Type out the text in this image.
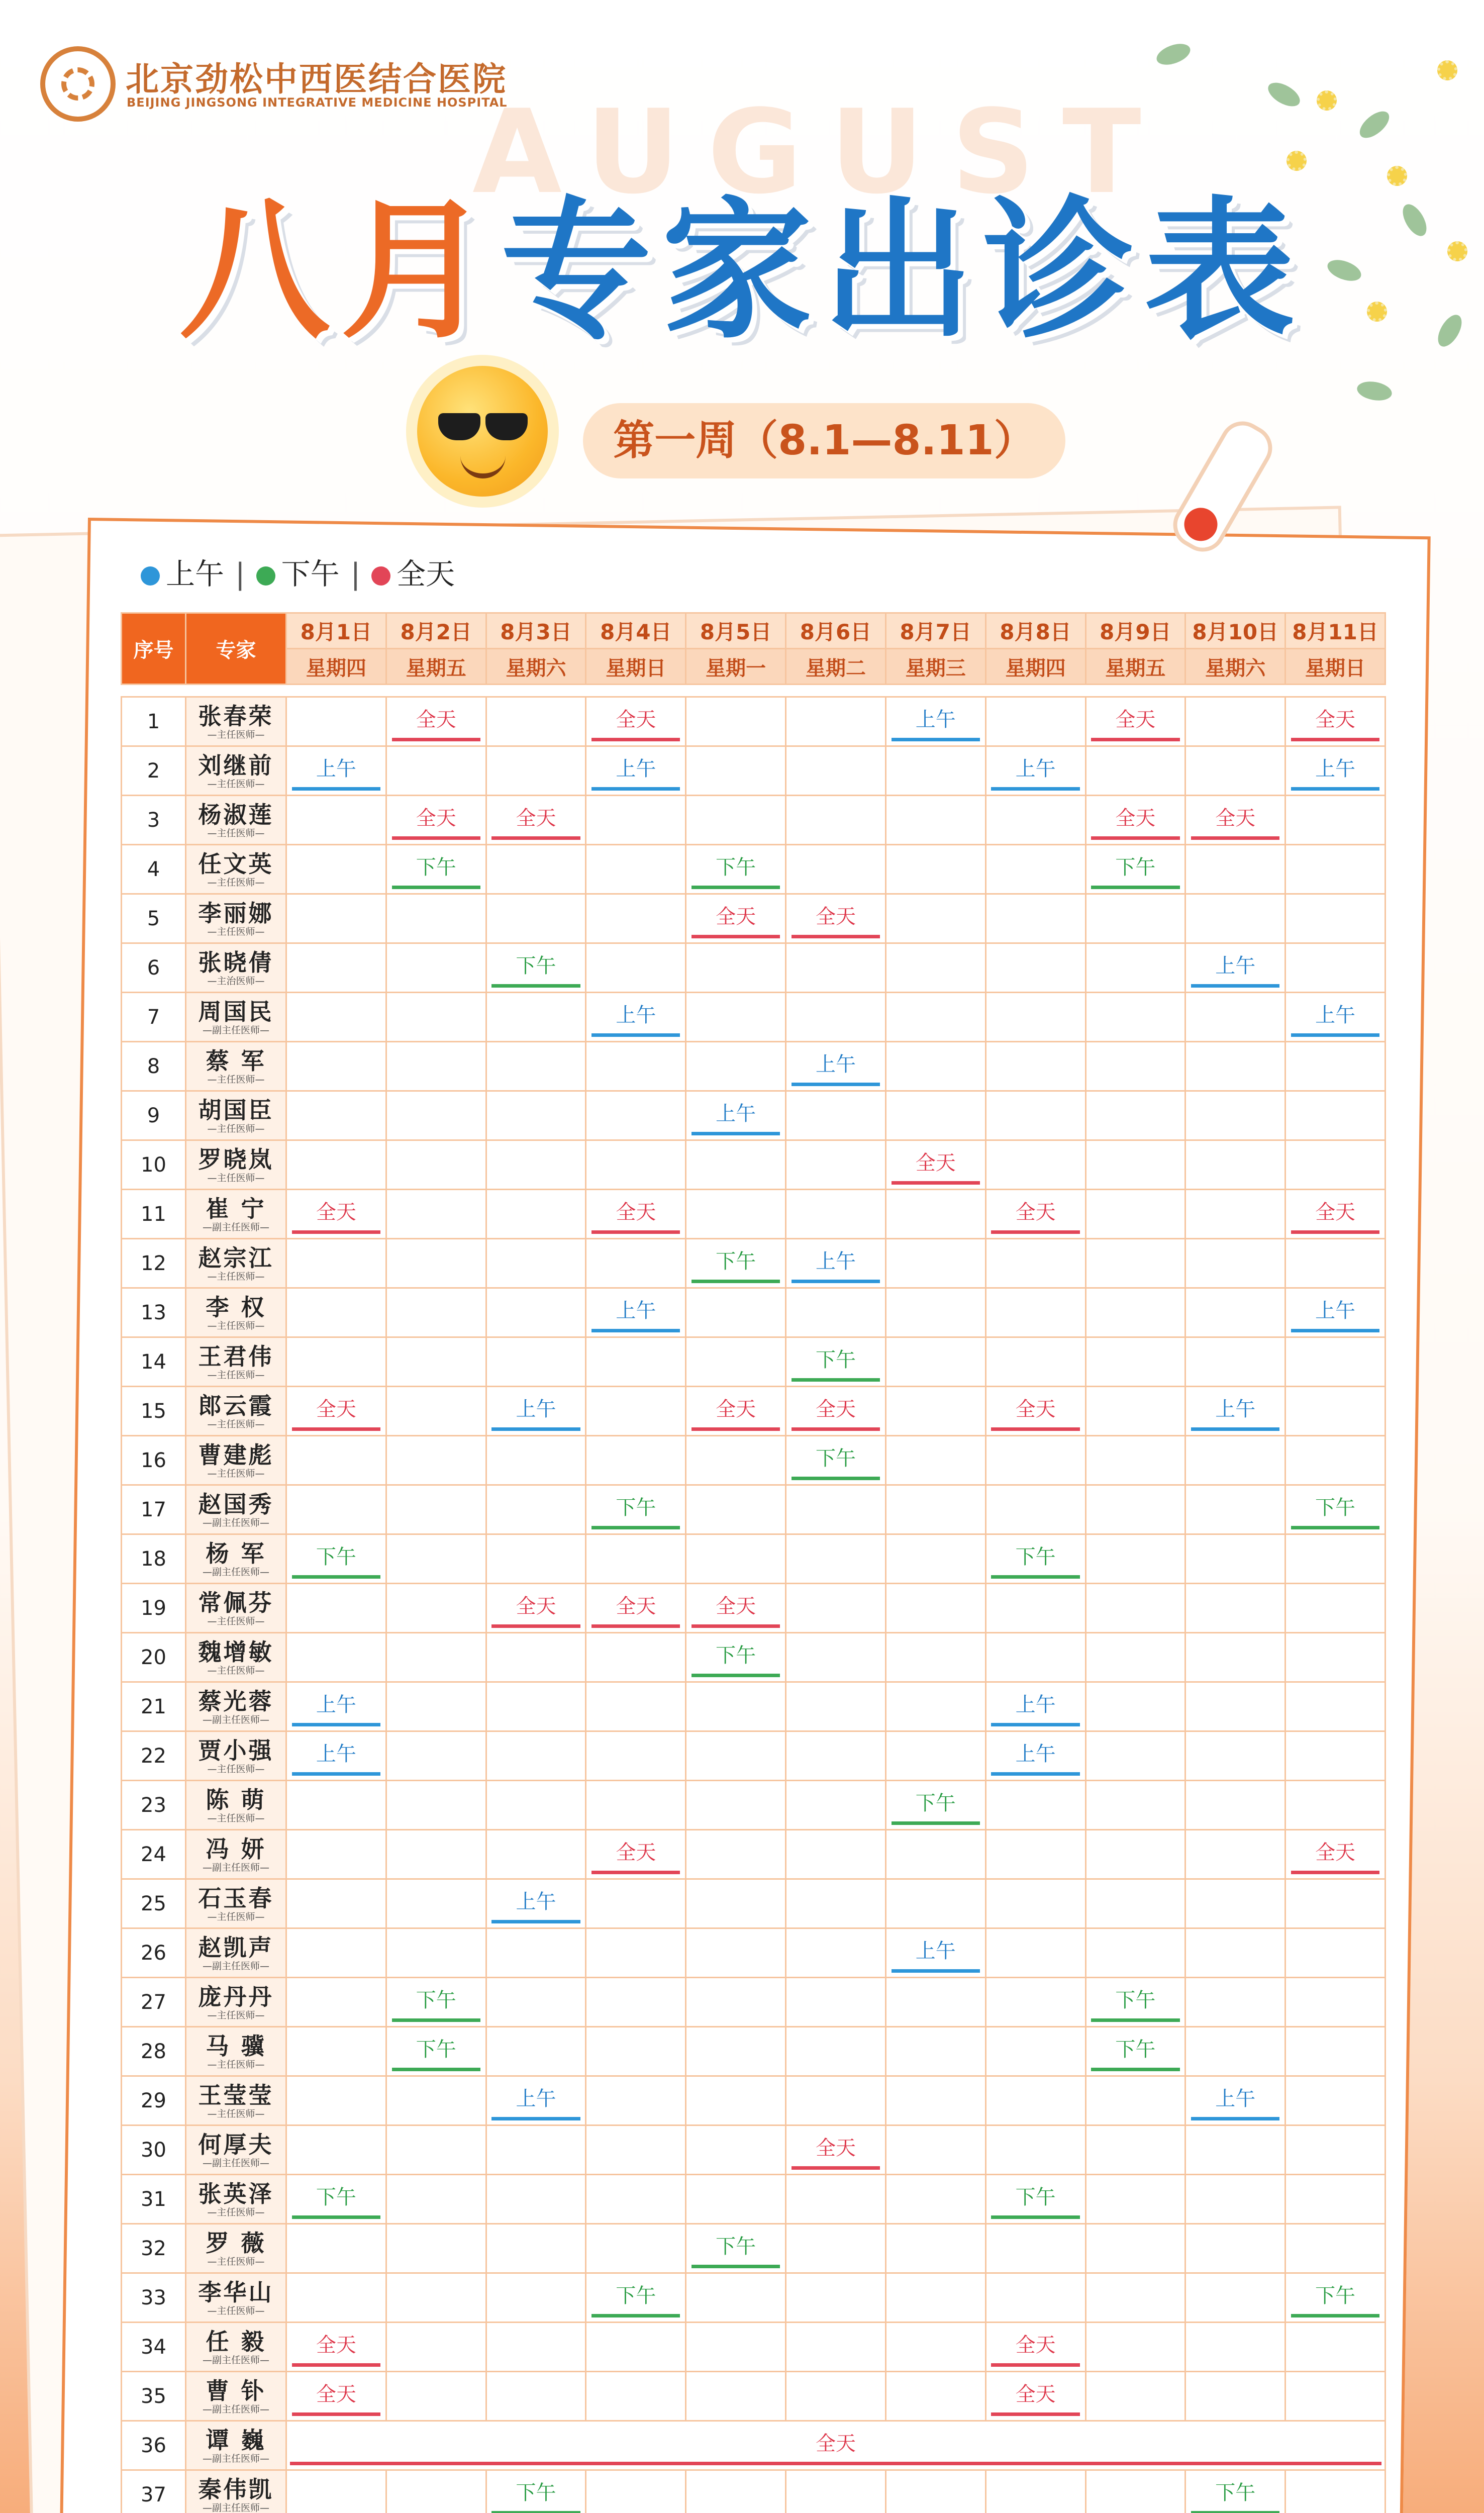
北京劲松中西医结合医院
BEIJING JINGSONG INTEGRATIVE MEDICINE HOSPITAL
AUGUST
八月专家出诊表
第一周（8.1—8.11）
上午 | 下午 | 全天
序号	专家	8月1日	8月2日	8月3日	8月4日	8月5日	8月6日	8月7日	8月8日	8月9日	8月10日	8月11日
		星期四	星期五	星期六	星期日	星期一	星期二	星期三	星期四	星期五	星期六	星期日

1	张春荣
—主任医师—		全天		全天			上午		全天		全天
2	刘继前
—主任医师—	上午			上午				上午			上午
3	杨淑莲
—主任医师—		全天	全天						全天	全天	
4	任文英
—主任医师—		下午			下午				下午		
5	李丽娜
—主任医师—					全天	全天					
6	张晓倩
—主治医师—			下午							上午	
7	周国民
—副主任医师—				上午							上午
8	蔡 军
—主任医师—						上午					
9	胡国臣
—主任医师—					上午						
10	罗晓岚
—主任医师—							全天				
11	崔 宁
—副主任医师—	全天			全天				全天			全天
12	赵宗江
—主任医师—					下午	上午					
13	李 权
—主任医师—				上午							上午
14	王君伟
—主任医师—						下午					
15	郎云霞
—主任医师—	全天		上午		全天	全天		全天		上午	
16	曹建彪
—主任医师—						下午					
17	赵国秀
—副主任医师—				下午							下午
18	杨 军
—副主任医师—	下午							下午			
19	常佩芬
—主任医师—			全天	全天	全天						
20	魏增敏
—主任医师—					下午						
21	蔡光蓉
—副主任医师—	上午							上午			
22	贾小强
—主任医师—	上午							上午			
23	陈 萌
—主任医师—							下午				
24	冯 妍
—副主任医师—				全天							全天
25	石玉春
—主任医师—			上午								
26	赵凯声
—副主任医师—							上午				
27	庞丹丹
—主任医师—		下午							下午		
28	马 骥
—主任医师—		下午							下午		
29	王莹莹
—主任医师—			上午							上午	
30	何厚夫
—副主任医师—						全天					
31	张英泽
—主任医师—	下午							下午			
32	罗 薇
—主任医师—					下午						
33	李华山
—主任医师—				下午							下午
34	任 毅
—副主任医师—	全天							全天			
35	曹 钋
—副主任医师—	全天							全天			
36	谭 巍
—副主任医师—	全天										

37	秦伟凯
—副主任医师—			下午							下午	
